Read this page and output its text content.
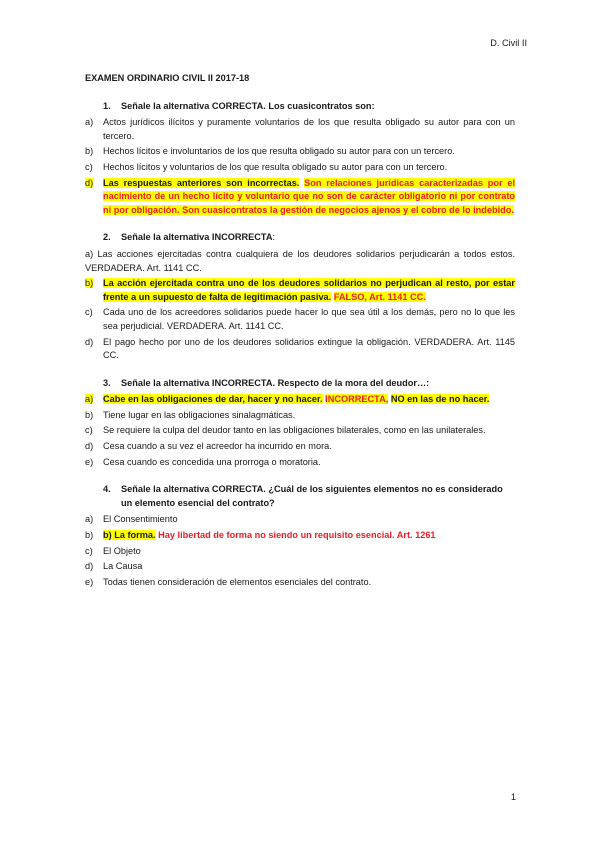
D. Civil II
EXAMEN ORDINARIO CIVIL II 2017-18
1.	Señale la alternativa CORRECTA. Los cuasicontratos son:
a)	Actos jurídicos ilícitos y puramente voluntarios de los que resulta obligado su autor para con un tercero.
b)	Hechos lícitos e involuntarios de los que resulta obligado su autor para con un tercero.
c)	Hechos lícitos y voluntarios de los que resulta obligado su autor para con un tercero.
d)	Las respuestas anteriores son incorrectas. Son relaciones jurídicas caracterizadas por el nacimiento de un hecho lícito y voluntario que no son de carácter obligatorio ni por contrato ni por obligación. Son cuasicontratos la gestión de negocios ajenos y el cobro de lo indebido.
2.	Señale la alternativa INCORRECTA:
a) Las acciones ejercitadas contra cualquiera de los deudores solidarios perjudicarán a todos estos. VERDADERA. Art. 1141 CC.
b)	La acción ejercitada contra uno de los deudores solidarios no perjudican al resto, por estar frente a un supuesto de falta de legitimación pasiva. FALSO, Art. 1141 CC.
c)	Cada uno de los acreedores solidarios puede hacer lo que sea útil a los demás, pero no lo que les sea perjudicial. VERDADERA. Art. 1141 CC.
d)	El pago hecho por uno de los deudores solidarios extingue la obligación. VERDADERA. Art. 1145 CC.
3.	Señale la alternativa INCORRECTA. Respecto de la mora del deudor…:
a)	Cabe en las obligaciones de dar, hacer y no hacer. INCORRECTA, NO en las de no hacer.
b)	Tiene lugar en las obligaciones sinalagmáticas.
c)	Se requiere la culpa del deudor tanto en las obligaciones bilaterales, como en las unilaterales.
d)	Cesa cuando a su vez el acreedor ha incurrido en mora.
e)	Cesa cuando es concedida una prorroga o moratoria.
4.	Señale la alternativa CORRECTA. ¿Cuál de los siguientes elementos no es considerado un elemento esencial del contrato?
a)	El Consentimiento
b)	b) La forma. Hay libertad de forma no siendo un requisito esencial. Art. 1261
c)	El Objeto
d)	La Causa
e)	Todas tienen consideración de elementos esenciales del contrato.
1
